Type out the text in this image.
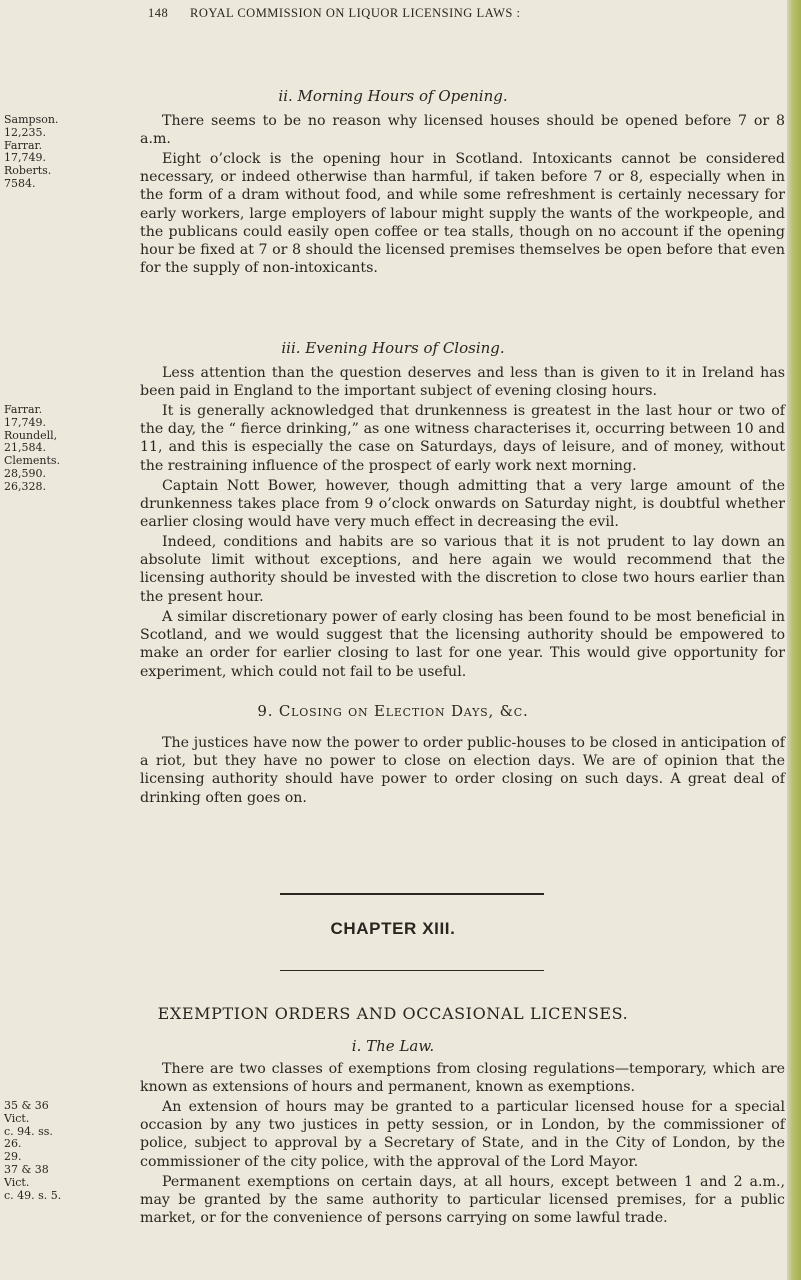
148 ROYAL COMMISSION ON LIQUOR LICENSING LAWS :
ii. Morning Hours of Opening.
Sampson.
12,235.
Farrar.
17,749.
Roberts.
7584.

There seems to be no reason why licensed houses should be opened before 7 or 8 a.m.

Eight o’clock is the opening hour in Scotland. Intoxicants cannot be considered necessary, or indeed otherwise than harmful, if taken before 7 or 8, especially when in the form of a dram without food, and while some refreshment is certainly necessary for early workers, large employers of labour might supply the wants of the workpeople, and the publicans could easily open coffee or tea stalls, though on no account if the opening hour be fixed at 7 or 8 should the licensed premises themselves be open before that even for the supply of non-intoxicants.

iii. Evening Hours of Closing.

Less attention than the question deserves and less than is given to it in Ireland has been paid in England to the important subject of evening closing hours.

Farrar.
17,749.
Roundell,
21,584.
Clements.
28,590.
26,328.

It is generally acknowledged that drunkenness is greatest in the last hour or two of the day, the “ fierce drinking,” as one witness characterises it, occurring between 10 and 11, and this is especially the case on Saturdays, days of leisure, and of money, without the restraining influence of the prospect of early work next morning.

Captain Nott Bower, however, though admitting that a very large amount of the drunkenness takes place from 9 o’clock onwards on Saturday night, is doubtful whether earlier closing would have very much effect in decreasing the evil.

Indeed, conditions and habits are so various that it is not prudent to lay down an absolute limit without exceptions, and here again we would recommend that the licensing authority should be invested with the discretion to close two hours earlier than the present hour.

A similar discretionary power of early closing has been found to be most beneficial in Scotland, and we would suggest that the licensing authority should be empowered to make an order for earlier closing to last for one year. This would give opportunity for experiment, which could not fail to be useful.

9. Closing on Election Days, &c.

The justices have now the power to order public-houses to be closed in anticipation of a riot, but they have no power to close on election days. We are of opinion that the licensing authority should have power to order closing on such days. A great deal of drinking often goes on.

CHAPTER XIII.
EXEMPTION ORDERS AND OCCASIONAL LICENSES.
i. The Law.

There are two classes of exemptions from closing regulations—temporary, which are known as extensions of hours and permanent, known as exemptions.

35 & 36 Vict.
c. 94. ss. 26.
29.
37 & 38 Vict.
c. 49. s. 5.

An extension of hours may be granted to a particular licensed house for a special occasion by any two justices in petty session, or in London, by the commissioner of police, subject to approval by a Secretary of State, and in the City of London, by the commissioner of the city police, with the approval of the Lord Mayor.

Permanent exemptions on certain days, at all hours, except between 1 and 2 a.m., may be granted by the same authority to particular licensed premises, for a public market, or for the convenience of persons carrying on some lawful trade.
